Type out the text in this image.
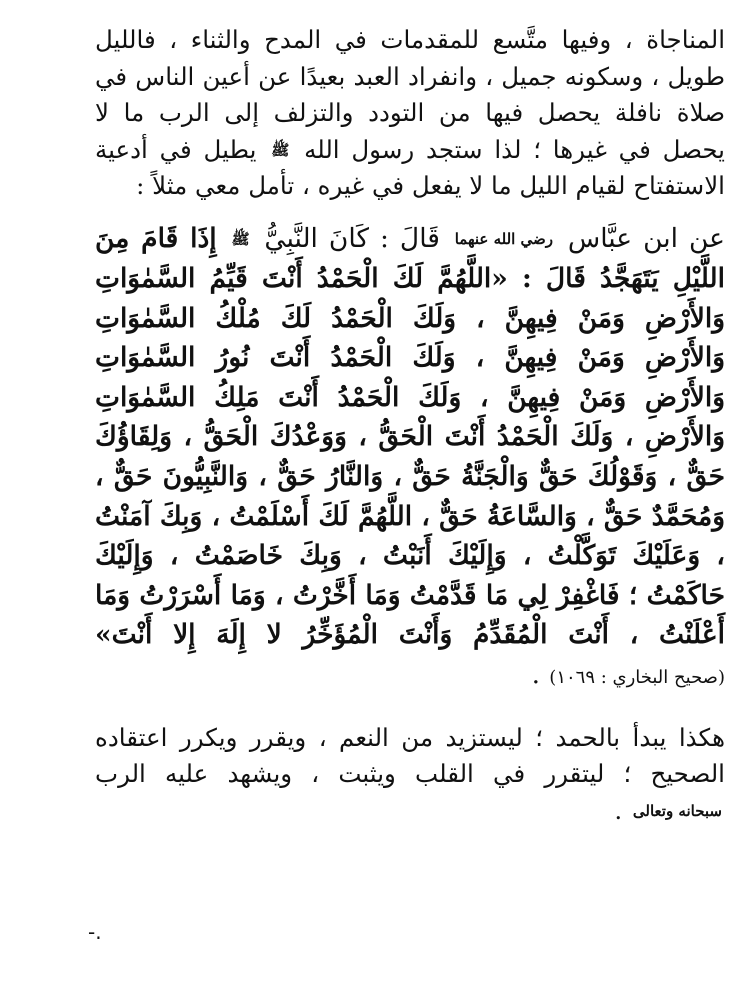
المناجاة ، وفيها متَّسع للمقدمات في المدح والثناء ، فالليل طويل ، وسكونه جميل ، وانفراد العبد بعيدًا عن أعين الناس في صلاة نافلة يحصل فيها من التودد والتزلف إلى الرب ما لا يحصل في غيرها ؛ لذا ستجد رسول الله ﷺ يطيل في أدعية الاستفتاح لقيام الليل ما لا يفعل في غيره ، تأمل معي مثلاً :

عن ابن عبَّاس رضي الله عنهما قَالَ : كَانَ النَّبِيُّ ﷺ إِذَا قَامَ مِنَ اللَّيْلِ يَتَهَجَّدُ قَالَ : «اللَّهُمَّ لَكَ الْحَمْدُ أَنْتَ قَيِّمُ السَّمٰوَاتِ وَالأَرْضِ وَمَنْ فِيهِنَّ ، وَلَكَ الْحَمْدُ لَكَ مُلْكُ السَّمٰوَاتِ وَالأَرْضِ وَمَنْ فِيهِنَّ ، وَلَكَ الْحَمْدُ أَنْتَ نُورُ السَّمٰوَاتِ وَالأَرْضِ وَمَنْ فِيهِنَّ ، وَلَكَ الْحَمْدُ أَنْتَ مَلِكُ السَّمٰوَاتِ وَالأَرْضِ ، وَلَكَ الْحَمْدُ أَنْتَ الْحَقُّ ، وَوَعْدُكَ الْحَقُّ ، وَلِقَاؤُكَ حَقٌّ ، وَقَوْلُكَ حَقٌّ وَالْجَنَّةُ حَقٌّ ، وَالنَّارُ حَقٌّ ، وَالنَّبِيُّونَ حَقٌّ ، وَمُحَمَّدٌ حَقٌّ ، وَالسَّاعَةُ حَقٌّ ، اللَّهُمَّ لَكَ أَسْلَمْتُ ، وَبِكَ آمَنْتُ ، وَعَلَيْكَ تَوَكَّلْتُ ، وَإِلَيْكَ أَنَبْتُ ، وَبِكَ خَاصَمْتُ ، وَإِلَيْكَ حَاكَمْتُ ؛ فَاغْفِرْ لِي مَا قَدَّمْتُ وَمَا أَخَّرْتُ ، وَمَا أَسْرَرْتُ وَمَا أَعْلَنْتُ ، أَنْتَ الْمُقَدِّمُ وَأَنْتَ الْمُؤَخِّرُ لا إِلَهَ إِلا أَنْتَ» (صحيح البخاري : ١٠٦٩) .

هكذا يبدأ بالحمد ؛ ليستزيد من النعم ، ويقرر ويكرر اعتقاده الصحيح ؛ ليتقرر في القلب ويثبت ، ويشهد عليه الرب سبحانه وتعالى .

-.
